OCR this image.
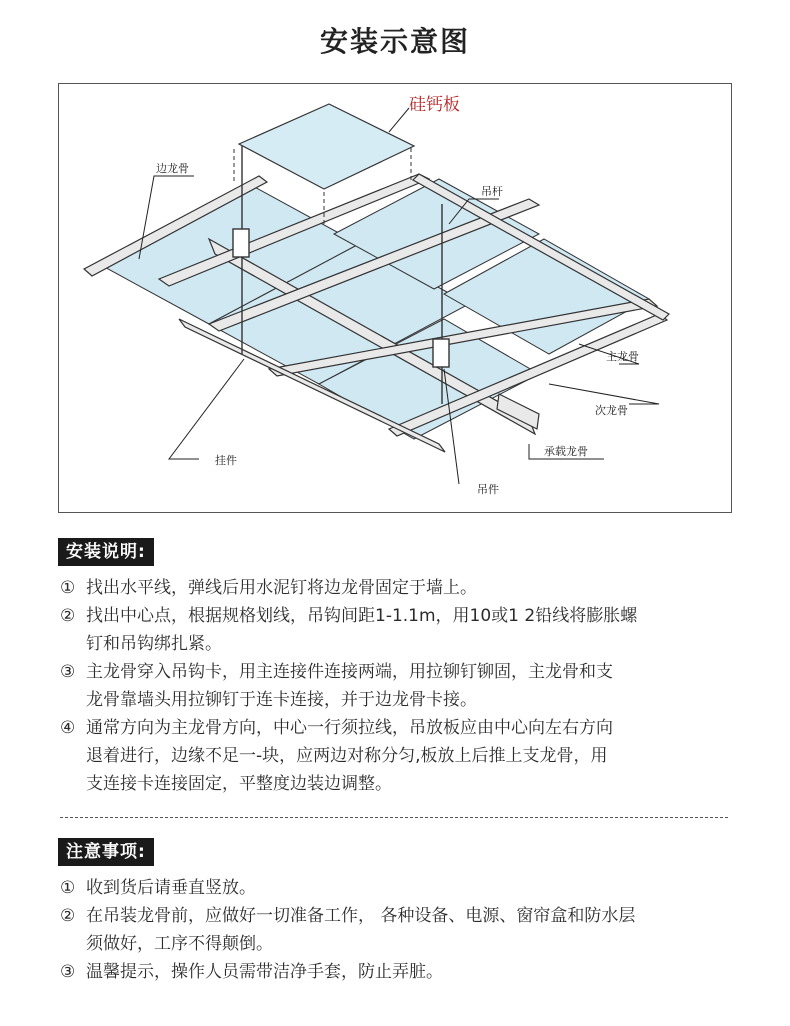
安装示意图
硅钙板
边龙骨
吊杆
主龙骨
次龙骨
承载龙骨
挂件
吊件
安装说明:
① 找出水平线，弹线后用水泥钉将边龙骨固定于墙上。
② 找出中心点，根据规格划线，吊钩间距1-1.1m，用10或1 2铅线将膨胀螺
钉和吊钩绑扎紧。
③ 主龙骨穿入吊钩卡，用主连接件连接两端，用拉铆钉铆固，主龙骨和支
龙骨靠墙头用拉铆钉于连卡连接，并于边龙骨卡接。
④ 通常方向为主龙骨方向，中心一行须拉线，吊放板应由中心向左右方向
退着进行，边缘不足一-块，应两边对称分匀,板放上后推上支龙骨，用
支连接卡连接固定，平整度边装边调整。
注意事项:
① 收到货后请垂直竖放。
② 在吊装龙骨前，应做好一切准备工作， 各种设备、电源、窗帘盒和防水层
须做好，工序不得颠倒。
③ 温馨提示，操作人员需带洁净手套，防止弄脏。
